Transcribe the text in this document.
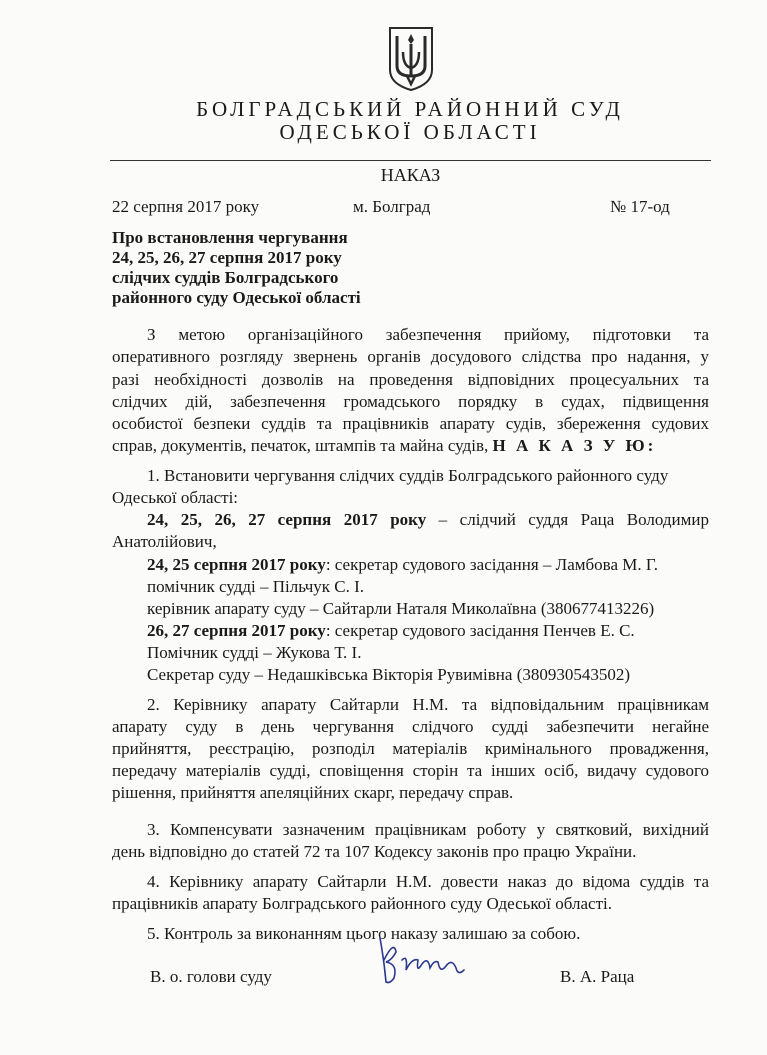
БОЛГРАДСЬКИЙ РАЙОННИЙ СУД
ОДЕСЬКОЇ ОБЛАСТІ
НАКАЗ
22 серпня 2017 року	м. Болград	№ 17-од
Про встановлення чергування
24, 25, 26, 27 серпня 2017 року
слідчих суддів Болградського
районного суду Одеської області
З метою організаційного забезпечення прийому, підготовки та
оперативного розгляду звернень органів досудового слідства про надання, у
разі необхідності дозволів на проведення відповідних процесуальних та
слідчих дій, забезпечення громадського порядку в судах, підвищення
особистої безпеки суддів та працівників апарату судів, збереження судових
справ, документів, печаток, штампів та майна судів, Н А К А З У Ю:
1. Встановити чергування слідчих суддів Болградського районного суду
Одеської області:
24, 25, 26, 27 серпня 2017 року – слідчий суддя Раца Володимир
Анатолійович,
24, 25 серпня 2017 року: секретар судового засідання – Ламбова М. Г.
помічник судді – Пільчук С. І.
керівник апарату суду – Сайтарли Наталя Миколаївна (380677413226)
26, 27 серпня 2017 року: секретар судового засідання Пенчев Е. С.
Помічник судді – Жукова Т. І.
Секретар суду – Недашківська Вікторія Рувимівна (380930543502)
2. Керівнику апарату Сайтарли Н.М. та відповідальним працівникам
апарату суду в день чергування слідчого судді забезпечити негайне
прийняття, реєстрацію, розподіл матеріалів кримінального провадження,
передачу матеріалів судді, сповіщення сторін та інших осіб, видачу судового
рішення, прийняття апеляційних скарг, передачу справ.
3. Компенсувати зазначеним працівникам роботу у святковий, вихідний
день відповідно до статей 72 та 107 Кодексу законів про працю України.
4. Керівнику апарату Сайтарли Н.М. довести наказ до відома суддів та
працівників апарату Болградського районного суду Одеської області.
5. Контроль за виконанням цього наказу залишаю за собою.
В. о. голови суду	В. А. Раца
